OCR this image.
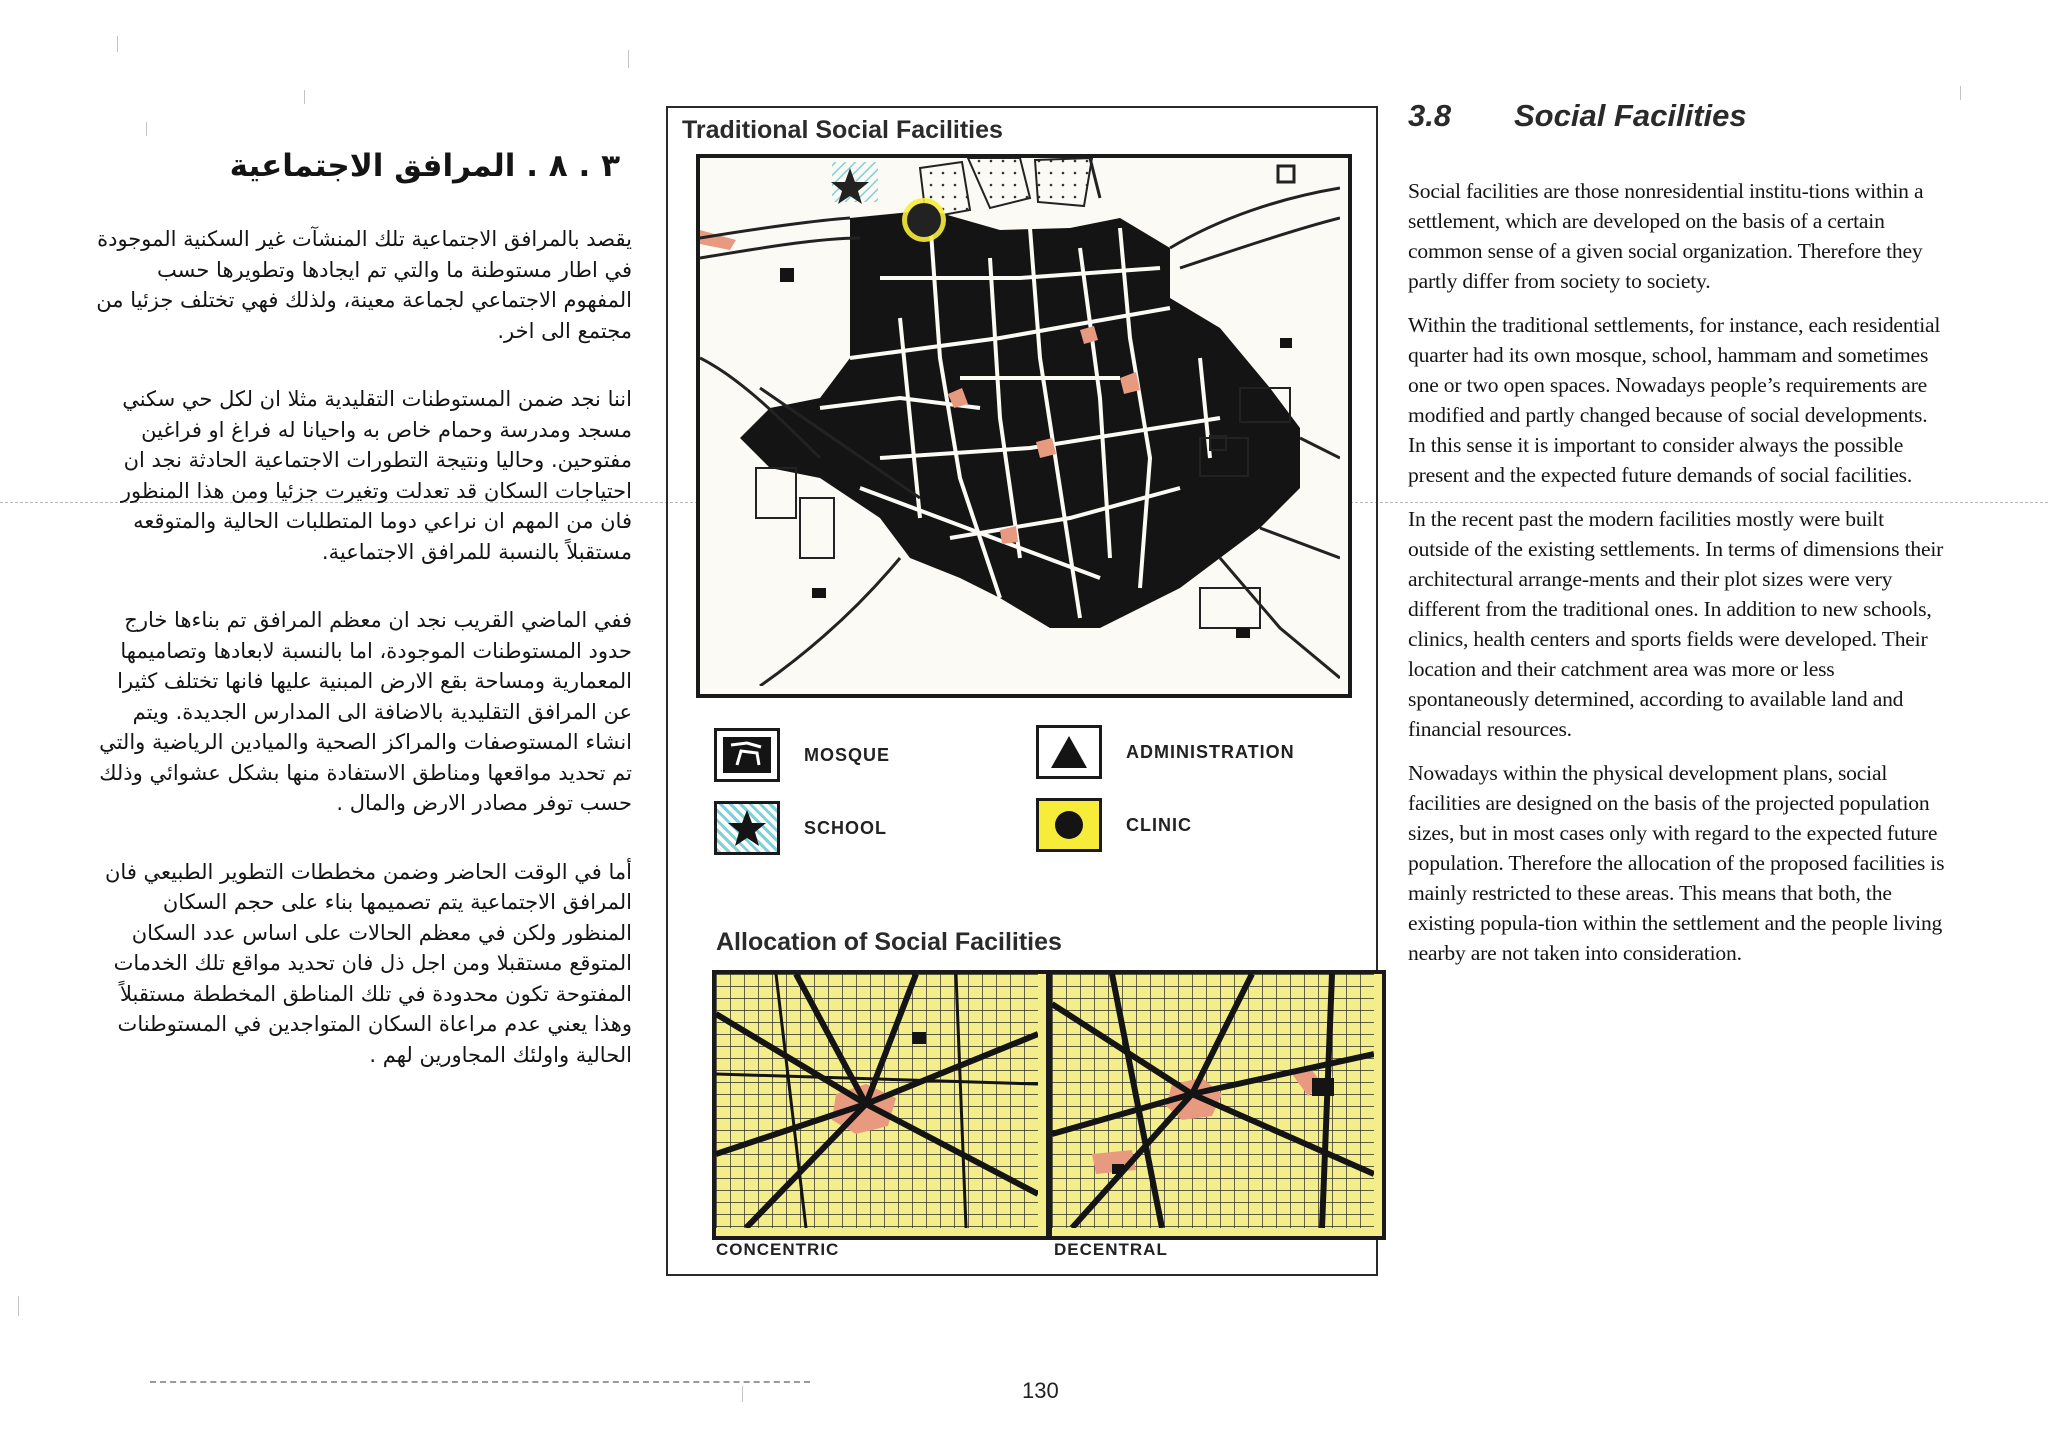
٣ . ٨ . المرافق الاجتماعية

يقصد بالمرافق الاجتماعية تلك المنشآت غير السكنية الموجودة في اطار مستوطنة ما والتي تم ايجادها وتطويرها حسب المفهوم الاجتماعي لجماعة معينة، ولذلك فهي تختلف جزئيا من مجتمع الى اخر.

اننا نجد ضمن المستوطنات التقليدية مثلا ان لكل حي سكني مسجد ومدرسة وحمام خاص به واحيانا له فراغ او فراغين مفتوحين. وحاليا ونتيجة التطورات الاجتماعية الحادثة نجد ان احتياجات السكان قد تعدلت وتغيرت جزئيا ومن هذا المنظور فان من المهم ان نراعي دوما المتطلبات الحالية والمتوقعه مستقبلاً بالنسبة للمرافق الاجتماعية.

ففي الماضي القريب نجد ان معظم المرافق تم بناءها خارج حدود المستوطنات الموجودة، اما بالنسبة لابعادها وتصاميمها المعمارية ومساحة بقع الارض المبنية عليها فانها تختلف كثيرا عن المرافق التقليدية بالاضافة الى المدارس الجديدة. ويتم انشاء المستوصفات والمراكز الصحية والميادين الرياضية والتي تم تحديد مواقعها ومناطق الاستفادة منها بشكل عشوائي وذلك حسب توفر مصادر الارض والمال .

أما في الوقت الحاضر وضمن مخططات التطوير الطبيعي فان المرافق الاجتماعية يتم تصميمها بناء على حجم السكان المنظور ولكن في معظم الحالات على اساس عدد السكان المتوقع مستقبلا ومن اجل ذل فان تحديد مواقع تلك الخدمات المفتوحة تكون محدودة في تلك المناطق المخططة مستقبلاً وهذا يعني عدم مراعاة السكان المتواجدين في المستوطنات الحالية واولئك المجاورين لهم .

Traditional Social Facilities
MOSQUE	ADMINISTRATION
SCHOOL	CLINIC
Allocation of Social Facilities
CONCENTRIC	DECENTRAL
3.8	Social Facilities

Social facilities are those nonresidential institu-tions within a settlement, which are developed on the basis of a certain common sense of a given social organization. Therefore they partly differ from society to society.

Within the traditional settlements, for instance, each residential quarter had its own mosque, school, hammam and sometimes one or two open spaces. Nowadays people’s requirements are modified and partly changed because of social developments. In this sense it is important to consider always the possible present and the expected future demands of social facilities.

In the recent past the modern facilities mostly were built outside of the existing settlements. In terms of dimensions their architectural arrange-ments and their plot sizes were very different from the traditional ones. In addition to new schools, clinics, health centers and sports fields were developed. Their location and their catchment area was more or less spontaneously determined, according to available land and financial resources.

Nowadays within the physical development plans, social facilities are designed on the basis of the projected population sizes, but in most cases only with regard to the expected future population. Therefore the allocation of the proposed facilities is mainly restricted to these areas. This means that both, the existing popula-tion within the settlement and the people living nearby are not taken into consideration.

130
